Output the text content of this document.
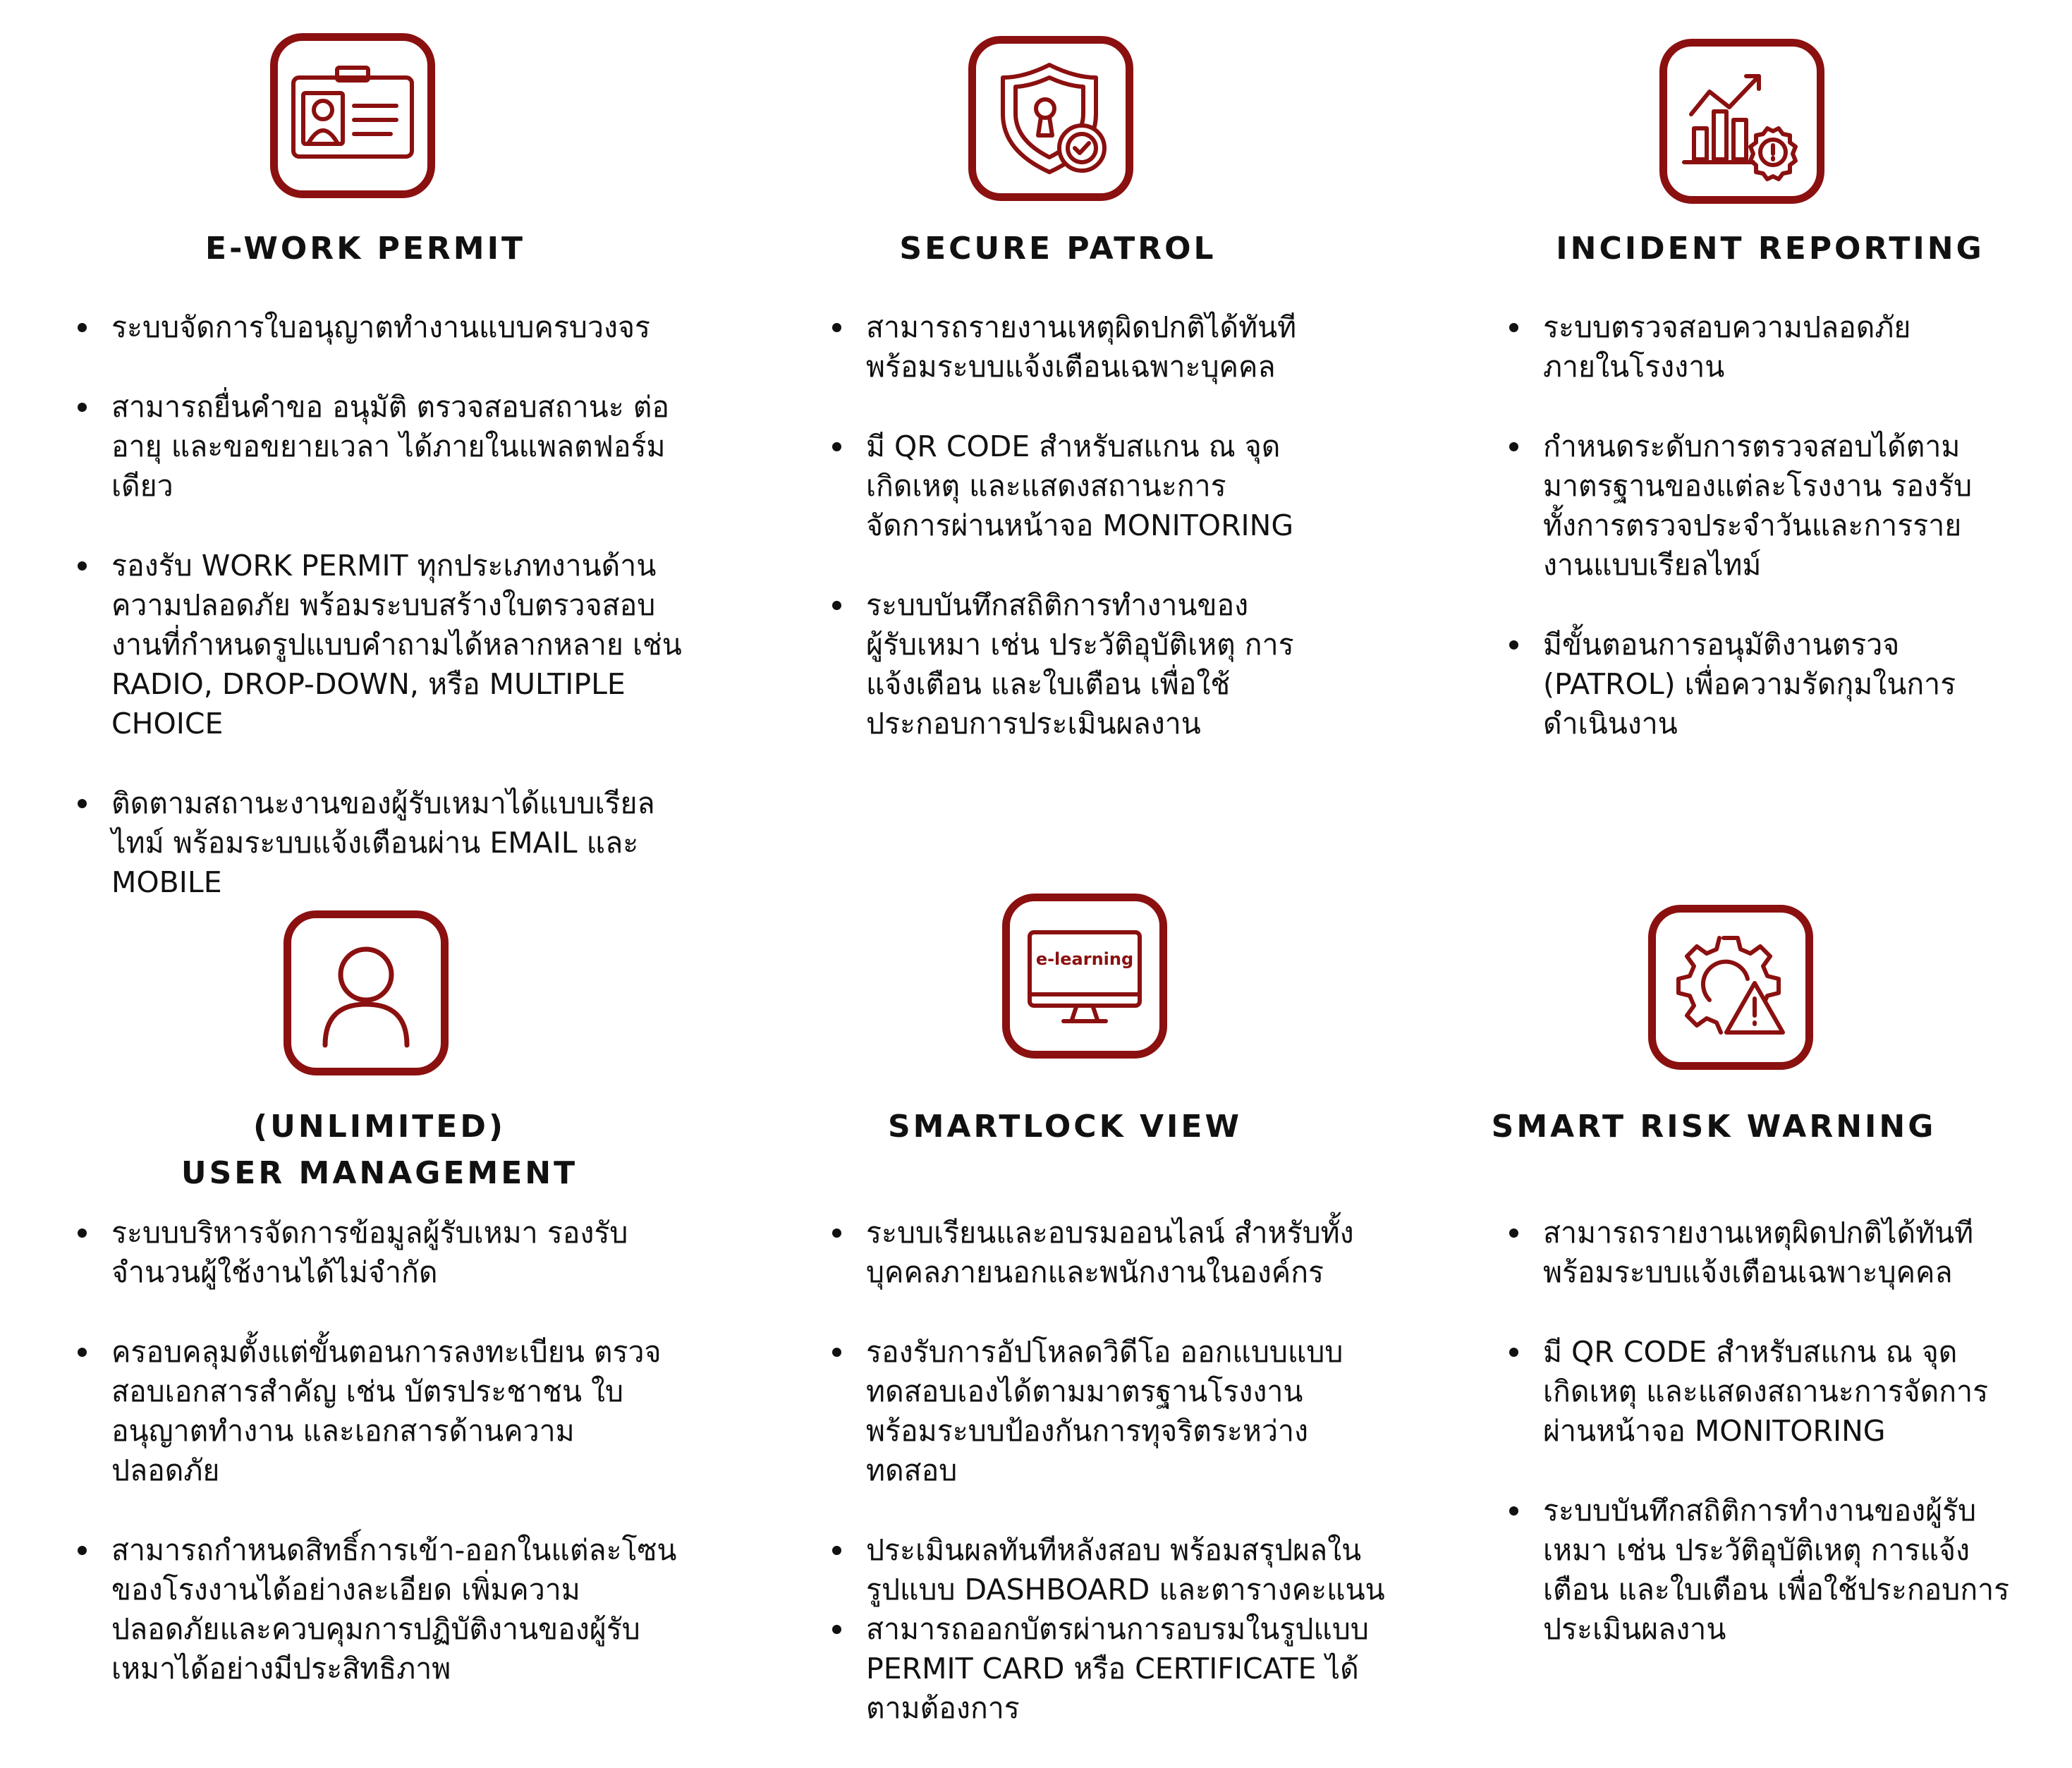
E-WORK PERMIT
ระบบจัดการใบอนุญาตทำงานแบบครบวงจร
สามารถยื่นคำขอ อนุมัติ ตรวจสอบสถานะ ต่อ
อายุ และขอขยายเวลา ได้ภายในแพลตฟอร์ม
เดียว
รองรับ WORK PERMIT ทุกประเภทงานด้าน
ความปลอดภัย พร้อมระบบสร้างใบตรวจสอบ
งานที่กำหนดรูปแบบคำถามได้หลากหลาย เช่น
RADIO, DROP-DOWN, หรือ MULTIPLE
CHOICE
ติดตามสถานะงานของผู้รับเหมาได้แบบเรียล
ไทม์ พร้อมระบบแจ้งเตือนผ่าน EMAIL และ
MOBILE
SECURE PATROL
สามารถรายงานเหตุผิดปกติได้ทันที
พร้อมระบบแจ้งเตือนเฉพาะบุคคล
มี QR CODE สำหรับสแกน ณ จุด
เกิดเหตุ และแสดงสถานะการ
จัดการผ่านหน้าจอ MONITORING
ระบบบันทึกสถิติการทำงานของ
ผู้รับเหมา เช่น ประวัติอุบัติเหตุ การ
แจ้งเตือน และใบเตือน เพื่อใช้
ประกอบการประเมินผลงาน
INCIDENT REPORTING
ระบบตรวจสอบความปลอดภัย
ภายในโรงงาน
กำหนดระดับการตรวจสอบได้ตาม
มาตรฐานของแต่ละโรงงาน รองรับ
ทั้งการตรวจประจำวันและการราย
งานแบบเรียลไทม์
มีขั้นตอนการอนุมัติงานตรวจ
(PATROL) เพื่อความรัดกุมในการ
ดำเนินงาน
(UNLIMITED)
USER MANAGEMENT
ระบบบริหารจัดการข้อมูลผู้รับเหมา รองรับ
จำนวนผู้ใช้งานได้ไม่จำกัด
ครอบคลุมตั้งแต่ขั้นตอนการลงทะเบียน ตรวจ
สอบเอกสารสำคัญ เช่น บัตรประชาชน ใบ
อนุญาตทำงาน และเอกสารด้านความ
ปลอดภัย
สามารถกำหนดสิทธิ์การเข้า-ออกในแต่ละโซน
ของโรงงานได้อย่างละเอียด เพิ่มความ
ปลอดภัยและควบคุมการปฏิบัติงานของผู้รับ
เหมาได้อย่างมีประสิทธิภาพ
e-learning
SMARTLOCK VIEW
ระบบเรียนและอบรมออนไลน์ สำหรับทั้ง
บุคคลภายนอกและพนักงานในองค์กร
รองรับการอัปโหลดวิดีโอ ออกแบบแบบ
ทดสอบเองได้ตามมาตรฐานโรงงาน
พร้อมระบบป้องกันการทุจริตระหว่าง
ทดสอบ
ประเมินผลทันทีหลังสอบ พร้อมสรุปผลใน
รูปแบบ DASHBOARD และตารางคะแนน
สามารถออกบัตรผ่านการอบรมในรูปแบบ
PERMIT CARD หรือ CERTIFICATE ได้
ตามต้องการ
SMART RISK WARNING
สามารถรายงานเหตุผิดปกติได้ทันที
พร้อมระบบแจ้งเตือนเฉพาะบุคคล
มี QR CODE สำหรับสแกน ณ จุด
เกิดเหตุ และแสดงสถานะการจัดการ
ผ่านหน้าจอ MONITORING
ระบบบันทึกสถิติการทำงานของผู้รับ
เหมา เช่น ประวัติอุบัติเหตุ การแจ้ง
เตือน และใบเตือน เพื่อใช้ประกอบการ
ประเมินผลงาน
